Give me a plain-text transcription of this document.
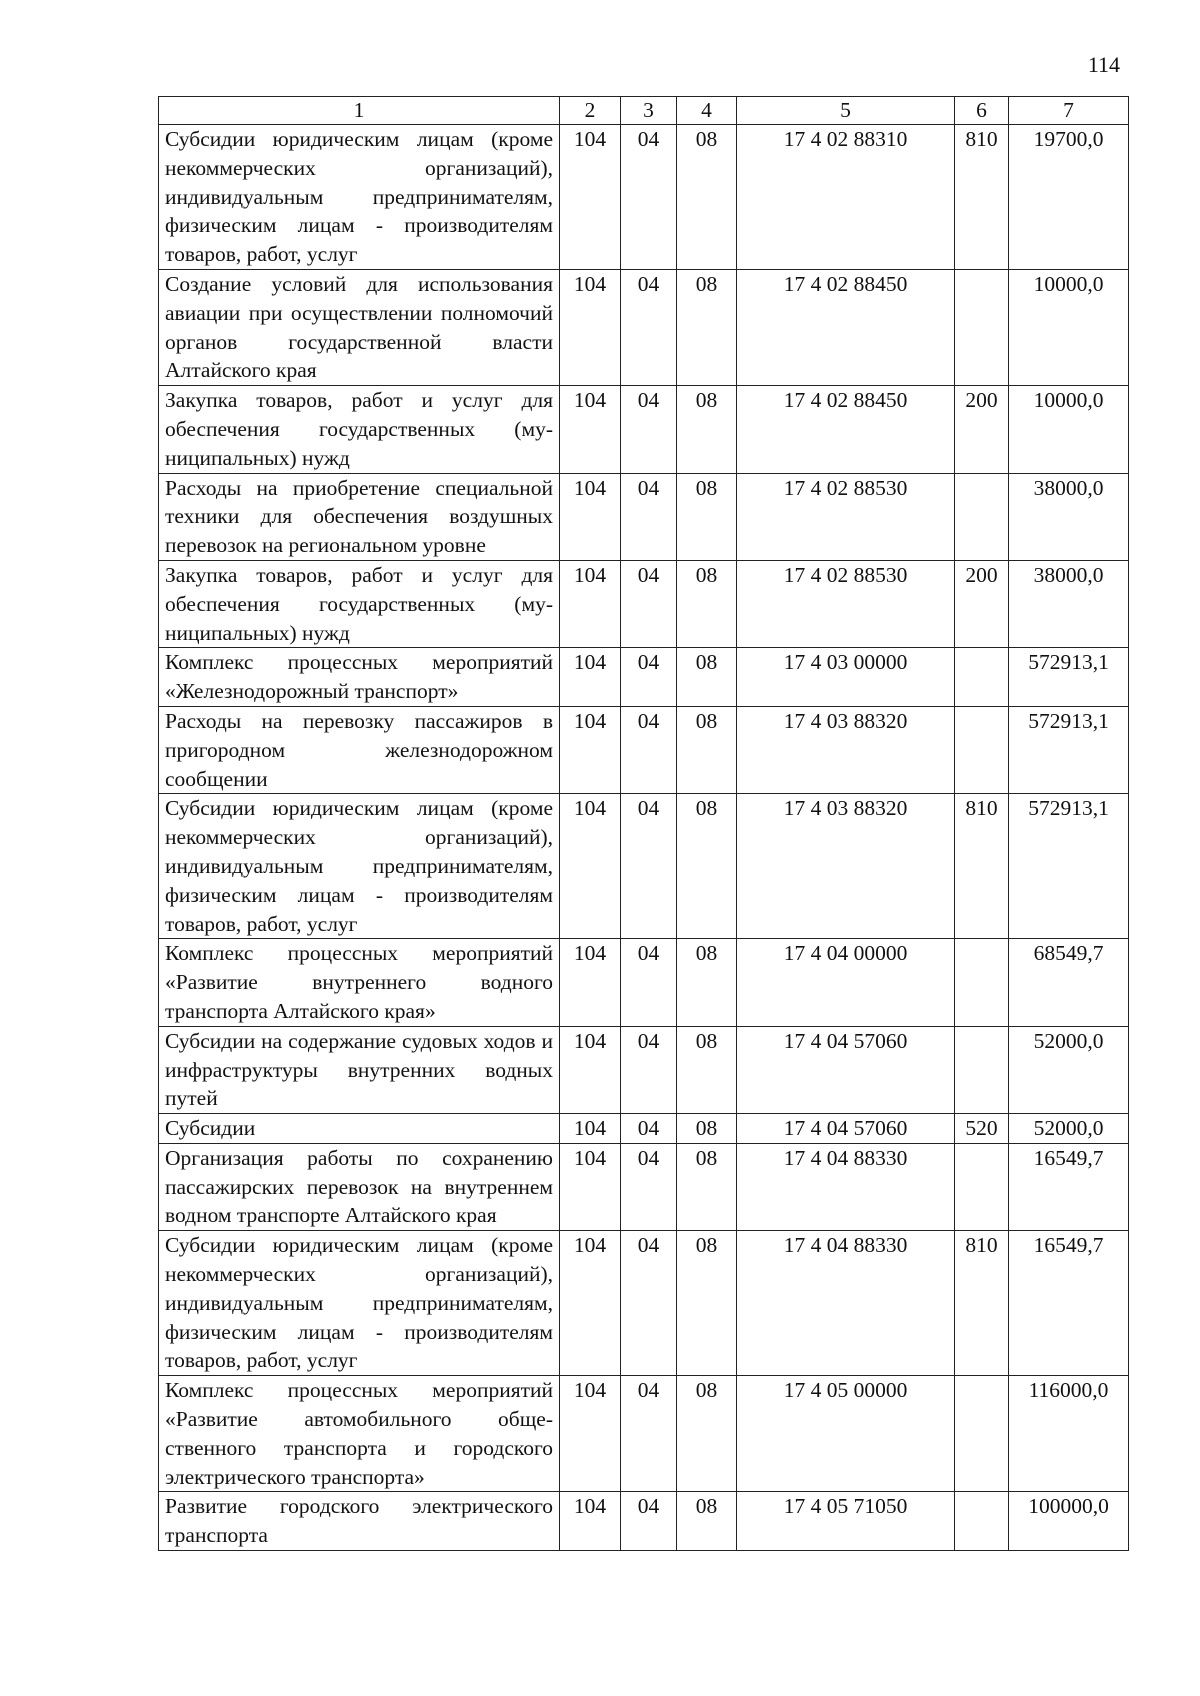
114
1	2	3	4	5	6	7
Субсидии юридическим лицам (кроме некоммерческих организаций), индивидуальным предпринимателям, физическим лицам - производителям товаров, работ, услуг	104	04	08	17 4 02 88310	810	19700,0
Создание условий для использования авиации при осуществлении полномочий органов государственной власти Алтайского края	104	04	08	17 4 02 88450		10000,0
Закупка товаров, работ и услуг для обеспечения государственных (муниципальных) нужд	104	04	08	17 4 02 88450	200	10000,0
Расходы на приобретение специальной техники для обеспечения воздушных перевозок на региональном уровне	104	04	08	17 4 02 88530		38000,0
Закупка товаров, работ и услуг для обеспечения государственных (муниципальных) нужд	104	04	08	17 4 02 88530	200	38000,0
Комплекс процессных мероприятий «Железнодорожный транспорт»	104	04	08	17 4 03 00000		572913,1
Расходы на перевозку пассажиров в пригородном железнодорожном сообщении	104	04	08	17 4 03 88320		572913,1
Субсидии юридическим лицам (кроме некоммерческих организаций), индивидуальным предпринимателям, физическим лицам - производителям товаров, работ, услуг	104	04	08	17 4 03 88320	810	572913,1
Комплекс процессных мероприятий «Развитие внутреннего водного транспорта Алтайского края»	104	04	08	17 4 04 00000		68549,7
Субсидии на содержание судовых ходов и инфраструктуры внутренних водных путей	104	04	08	17 4 04 57060		52000,0
Субсидии	104	04	08	17 4 04 57060	520	52000,0
Организация работы по сохранению пассажирских перевозок на внутреннем водном транспорте Алтайского края	104	04	08	17 4 04 88330		16549,7
Субсидии юридическим лицам (кроме некоммерческих организаций), индивидуальным предпринимателям, физическим лицам - производителям товаров, работ, услуг	104	04	08	17 4 04 88330	810	16549,7
Комплекс процессных мероприятий «Развитие автомобильного общественного транспорта и городского электрического транспорта»	104	04	08	17 4 05 00000		116000,0
Развитие городского электрического транспорта	104	04	08	17 4 05 71050		100000,0
